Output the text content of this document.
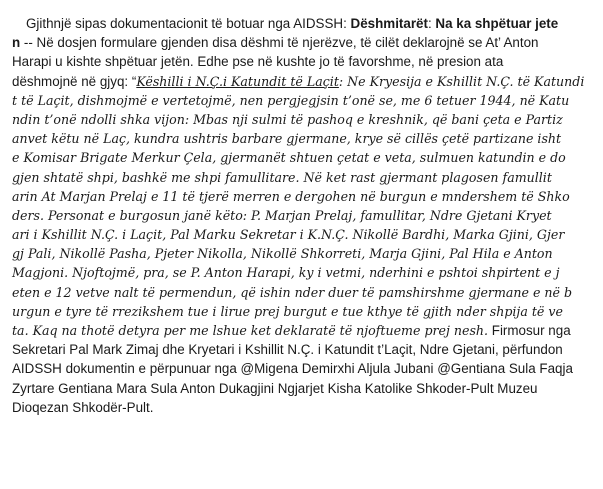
Gjithnjë sipas dokumentacionit të botuar nga AIDSSH: Dëshmitarët: Na ka shpëtuar jete
n -- Në dosjen formulare gjenden disa dëshmi të njerëzve, të cilët deklarojnë se At’ Anton
Harapi u kishte shpëtuar jetën. Edhe pse në kushte jo të favorshme, në presion ata
dëshmojnë në gjyq: “Këshilli i N.Ç.i Katundit të Laçit: Ne Kryesija e Kshillit N.Ç. të Katundi
t të Laçit, dishmojmë e vertetojmë, nen pergjegjsin t’onë se, me 6 tetuer 1944, në Katu
ndin t’onë ndolli shka vijon: Mbas nji sulmi të pashoq e kreshnik, që bani çeta e Partiz
anvet këtu në Laç, kundra ushtris barbare gjermane, krye së cillës çetë partizane isht
e Komisar Brigate Merkur Çela, gjermanët shtuen çetat e veta, sulmuen katundin e do
gjen shtatë shpi, bashkë me shpi famullitare. Në ket rast gjermant plagosen famullit
arin At Marjan Prelaj e 11 të tjerë merren e dergohen në burgun e mndershem të Shko
ders. Personat e burgosun janë këto: P. Marjan Prelaj, famullitar, Ndre Gjetani Kryet
ari i Kshillit N.Ç. i Laçit, Pal Marku Sekretar i K.N.Ç. Nikollë Bardhi, Marka Gjini, Gjer
gj Pali, Nikollë Pasha, Pjeter Nikolla, Nikollë Shkorreti, Marja Gjini, Pal Hila e Anton
Magjoni. Njoftojmë, pra, se P. Anton Harapi, ky i vetmi, nderhini e pshtoi shpirtent e j
eten e 12 vetve nalt të permendun, që ishin nder duer të pamshirshme gjermane e në b
urgun e tyre të rrezikshem tue i lirue prej burgut e tue kthye të gjith nder shpija të ve
ta. Kaq na thotë detyra per me lshue ket deklaratë të njoftueme prej nesh. Firmosur nga
Sekretari Pal Mark Zimaj dhe Kryetari i Kshillit N.Ç. i Katundit t’Laçit, Ndre Gjetani, përfundon
AIDSSH dokumentin e përpunuar nga @Migena Demirxhi Aljula Jubani @Gentiana Sula Faqja
Zyrtare Gentiana Mara Sula Anton Dukagjini Ngjarjet Kisha Katolike Shkoder-Pult Muzeu
Dioqezan Shkodër-Pult.
